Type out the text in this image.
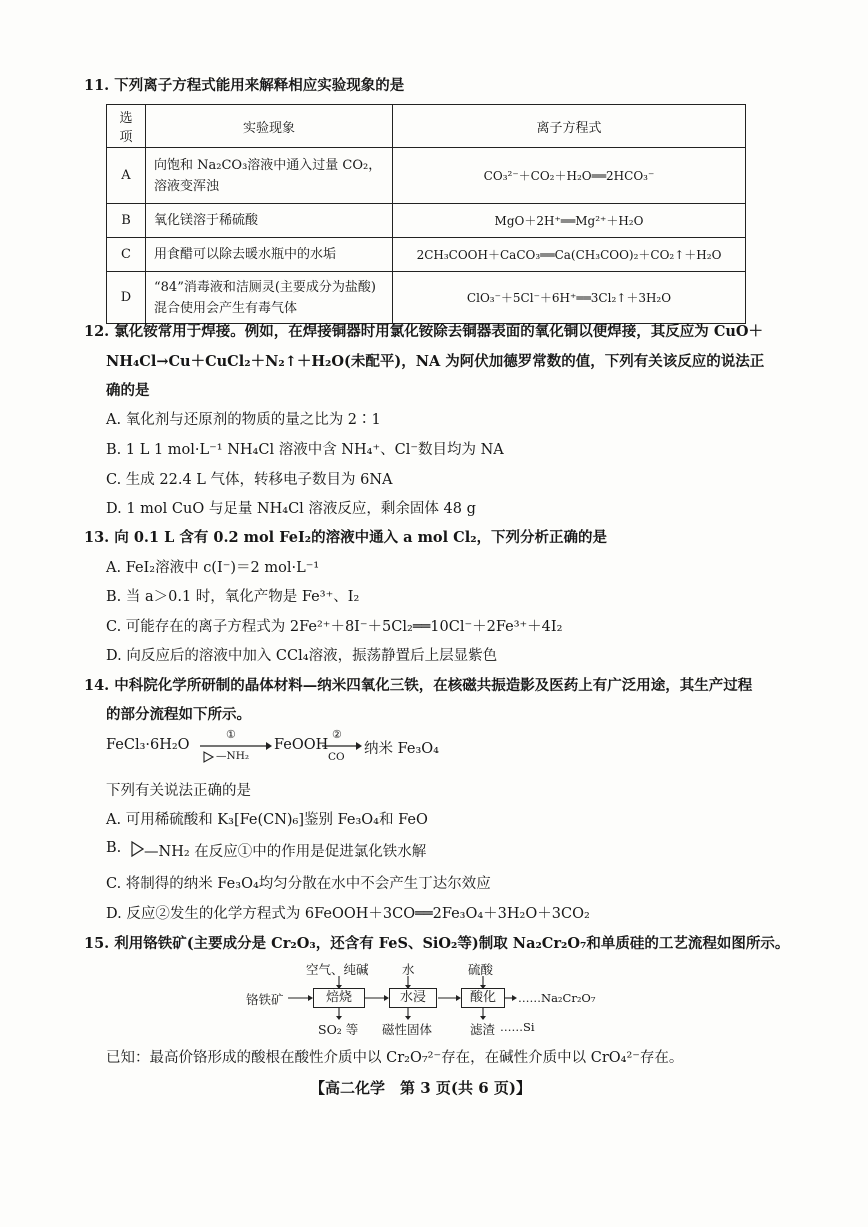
11. 下列离子方程式能用来解释相应实验现象的是
选项	实验现象	离子方程式
A	向饱和 Na₂CO₃溶液中通入过量 CO₂，溶液变浑浊	CO₃²⁻＋CO₂＋H₂O══2HCO₃⁻
B	氧化镁溶于稀硫酸	MgO＋2H⁺══Mg²⁺＋H₂O
C	用食醋可以除去暖水瓶中的水垢	2CH₃COOH＋CaCO₃══Ca(CH₃COO)₂＋CO₂↑＋H₂O
D	“84”消毒液和洁厕灵(主要成分为盐酸)混合使用会产生有毒气体	ClO₃⁻＋5Cl⁻＋6H⁺══3Cl₂↑＋3H₂O
12. 氯化铵常用于焊接。例如，在焊接铜器时用氯化铵除去铜器表面的氧化铜以便焊接，其反应为 CuO＋
NH₄Cl→Cu＋CuCl₂＋N₂↑＋H₂O(未配平)，NA 为阿伏加德罗常数的值，下列有关该反应的说法正
确的是
A. 氧化剂与还原剂的物质的量之比为 2∶1
B. 1 L 1 mol·L⁻¹ NH₄Cl 溶液中含 NH₄⁺、Cl⁻数目均为 NA
C. 生成 22.4 L 气体，转移电子数目为 6NA
D. 1 mol CuO 与足量 NH₄Cl 溶液反应，剩余固体 48 g
13. 向 0.1 L 含有 0.2 mol FeI₂的溶液中通入 a mol Cl₂，下列分析正确的是
A. FeI₂溶液中 c(I⁻)＝2 mol·L⁻¹
B. 当 a＞0.1 时，氧化产物是 Fe³⁺、I₂
C. 可能存在的离子方程式为 2Fe²⁺＋8I⁻＋5Cl₂══10Cl⁻＋2Fe³⁺＋4I₂
D. 向反应后的溶液中加入 CCl₄溶液，振荡静置后上层显紫色
14. 中科院化学所研制的晶体材料—纳米四氧化三铁，在核磁共振造影及医药上有广泛用途，其生产过程
的部分流程如下所示。
FeCl₃·6H₂O
①
—NH₂
FeOOH
②
CO 纳米 Fe₃O₄
下列有关说法正确的是
A. 可用稀硫酸和 K₃[Fe(CN)₆]鉴别 Fe₃O₄和 FeO
B. —NH₂ 在反应①中的作用是促进氯化铁水解
C. 将制得的纳米 Fe₃O₄均匀分散在水中不会产生丁达尔效应
D. 反应②发生的化学方程式为 6FeOOH＋3CO══2Fe₃O₄＋3H₂O＋3CO₂
15. 利用铬铁矿(主要成分是 Cr₂O₃，还含有 FeS、SiO₂等)制取 Na₂Cr₂O₇和单质硅的工艺流程如图所示。
空气、纯碱	水	硫酸
铬铁矿	焙烧	水浸	酸化	……Na₂Cr₂O₇
SO₂ 等 磁性固体	滤渣 ……Si
已知：最高价铬形成的酸根在酸性介质中以 Cr₂O₇²⁻存在，在碱性介质中以 CrO₄²⁻存在。
【高二化学　第 3 页(共 6 页)】
